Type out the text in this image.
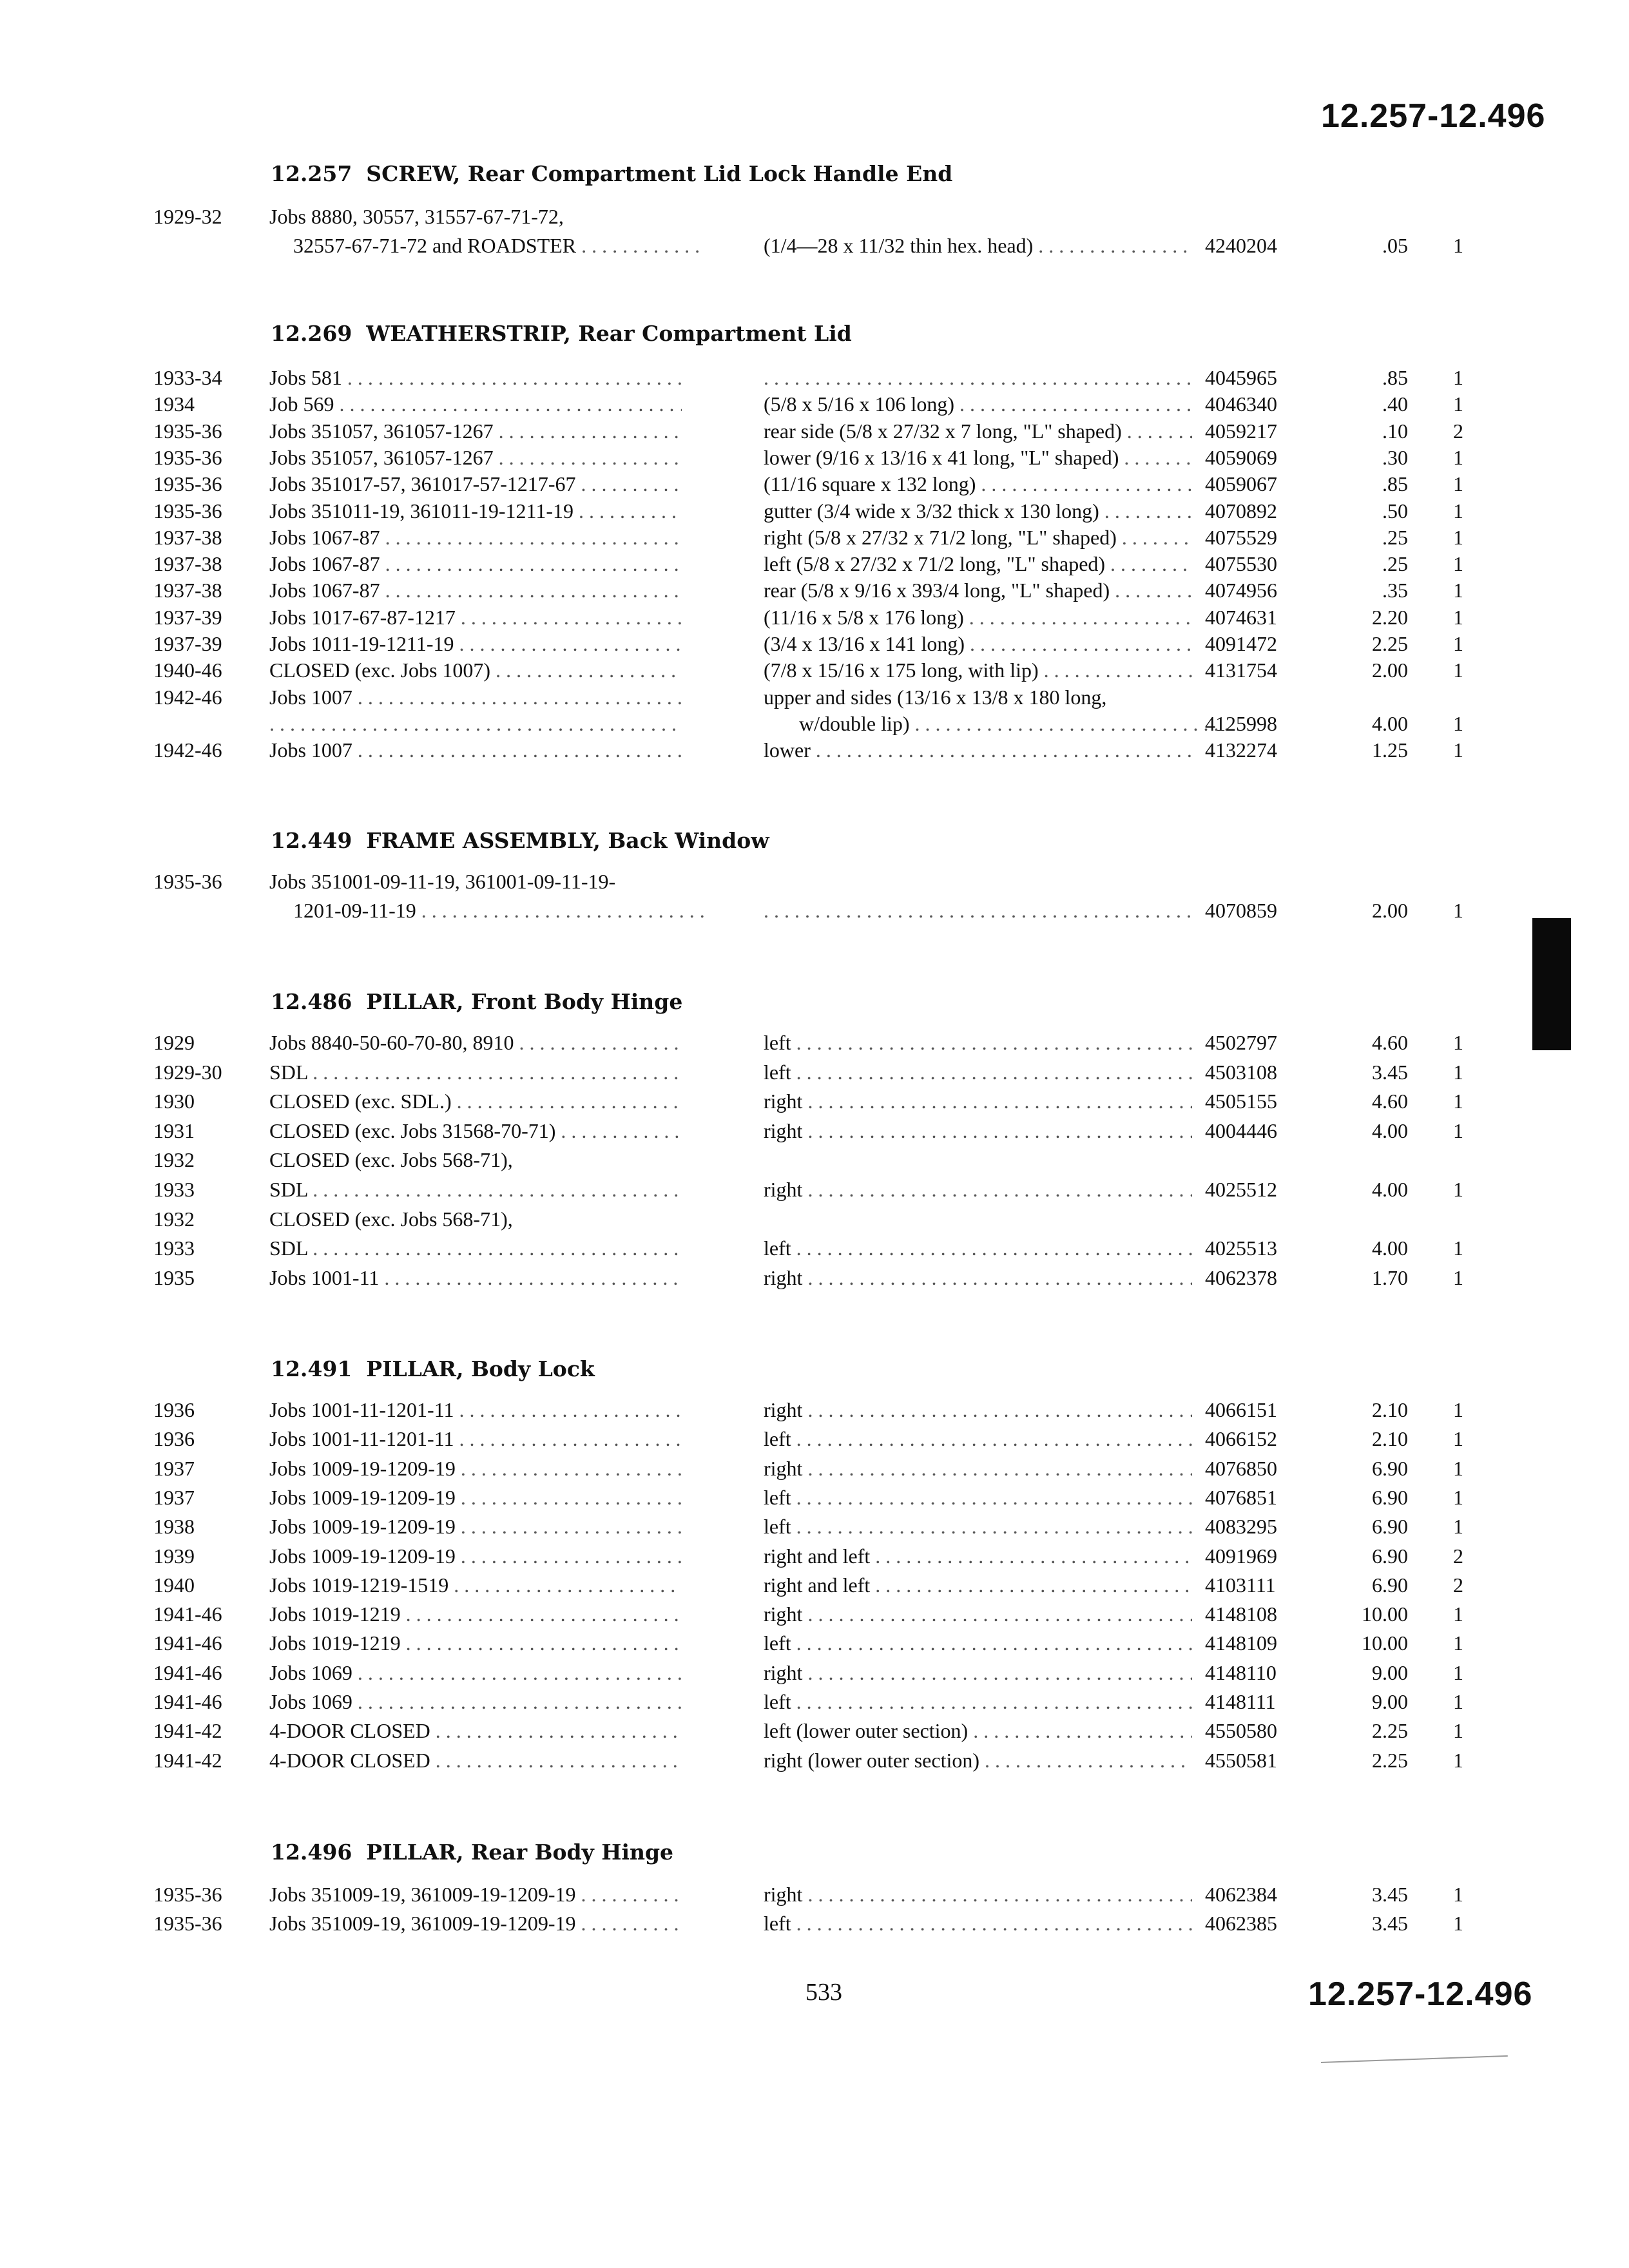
12.257-12.496
12.257 SCREW, Rear Compartment Lid Lock Handle End
1929-32 Jobs 8880, 30557, 31557-67-71-72,
32557-67-71-72 and ROADSTER . . .	(1/4—28 x 11/32 thin hex. head) . . .	4240204	.05 1
12.269 WEATHERSTRIP, Rear Compartment Lid
1933-34 Jobs 581 . . . . . .	4045965	.85 1
1934	Job 569 . . .	(5/8 x 5/16 x 106 long) . . .	4046340	.40 1
1935-36 Jobs 351057, 361057-1267 . . .	rear side (5/8 x 27/32 x 7 long, "L" shaped) . . .	4059217	.10 2
1935-36 Jobs 351057, 361057-1267 . . .	lower (9/16 x 13/16 x 41 long, "L" shaped) . . .	4059069	.30 1
1935-36 Jobs 351017-57, 361017-57-1217-67 . . .	(11/16 square x 132 long) . . .	4059067	.85 1
1935-36 Jobs 351011-19, 361011-19-1211-19 . . .	gutter (3/4 wide x 3/32 thick x 130 long) . . .	4070892	.50 1
1937-38 Jobs 1067-87 . . .	right (5/8 x 27/32 x 71/2 long, "L" shaped) . . .	4075529	.25 1
1937-38 Jobs 1067-87 . . .	left (5/8 x 27/32 x 71/2 long, "L" shaped) . . .	4075530	.25 1
1937-38 Jobs 1067-87 . . .	rear (5/8 x 9/16 x 393/4 long, "L" shaped) . . .	4074956	.35 1
1937-39 Jobs 1017-67-87-1217 . . .	(11/16 x 5/8 x 176 long) . . .	4074631	2.20 1
1937-39 Jobs 1011-19-1211-19 . . .	(3/4 x 13/16 x 141 long) . . .	4091472	2.25 1
1940-46 CLOSED (exc. Jobs 1007) . . .	(7/8 x 15/16 x 175 long, with lip) . . .	4131754	2.00 1
1942-46 Jobs 1007 . . .	upper and sides (13/16 x 13/8 x 180 long,
. . .
w/double lip) . . .	4125998	4.00 1
1942-46 Jobs 1007 . . .	lower . . .	4132274	1.25 1
12.449 FRAME ASSEMBLY, Back Window
1935-36 Jobs 351001-09-11-19, 361001-09-11-19-
1201-09-11-19 . . . . . .	4070859	2.00 1
12.486 PILLAR, Front Body Hinge
1929	Jobs 8840-50-60-70-80, 8910 . . .	left . . .	4502797	4.60 1
1929-30 SDL . . .	left . . .	4503108	3.45 1
1930	CLOSED (exc. SDL.) . . .	right . . .	4505155	4.60 1
1931	CLOSED (exc. Jobs 31568-70-71) . . .	right . . .	4004446	4.00 1
1932	CLOSED (exc. Jobs 568-71),
1933	SDL . . .	right . . .	4025512	4.00 1
1932	CLOSED (exc. Jobs 568-71),
1933	SDL . . .	left . . .	4025513	4.00 1
1935	Jobs 1001-11 . . .	right . . .	4062378	1.70 1
12.491 PILLAR, Body Lock
1936	Jobs 1001-11-1201-11 . . .	right . . .	4066151	2.10 1
1936	Jobs 1001-11-1201-11 . . .	left . . .	4066152	2.10 1
1937	Jobs 1009-19-1209-19 . . .	right . . .	4076850	6.90 1
1937	Jobs 1009-19-1209-19 . . .	left . . .	4076851	6.90 1
1938	Jobs 1009-19-1209-19 . . .	left . . .	4083295	6.90 1
1939	Jobs 1009-19-1209-19 . . .	right and left . . .	4091969	6.90 2
1940	Jobs 1019-1219-1519 . . .	right and left . . .	4103111	6.90 2
1941-46 Jobs 1019-1219 . . .	right . . .	4148108	10.00 1
1941-46 Jobs 1019-1219 . . .	left . . .	4148109	10.00 1
1941-46 Jobs 1069 . . .	right . . .	4148110	9.00 1
1941-46 Jobs 1069 . . .	left . . .	4148111	9.00 1
1941-42 4-DOOR CLOSED . . .	left (lower outer section) . . .	4550580	2.25 1
1941-42 4-DOOR CLOSED . . .	right (lower outer section) . . .	4550581	2.25 1
12.496 PILLAR, Rear Body Hinge
1935-36 Jobs 351009-19, 361009-19-1209-19 . . .	right . . .	4062384	3.45 1
1935-36 Jobs 351009-19, 361009-19-1209-19 . . .	left . . .	4062385	3.45 1
533	12.257-12.496
